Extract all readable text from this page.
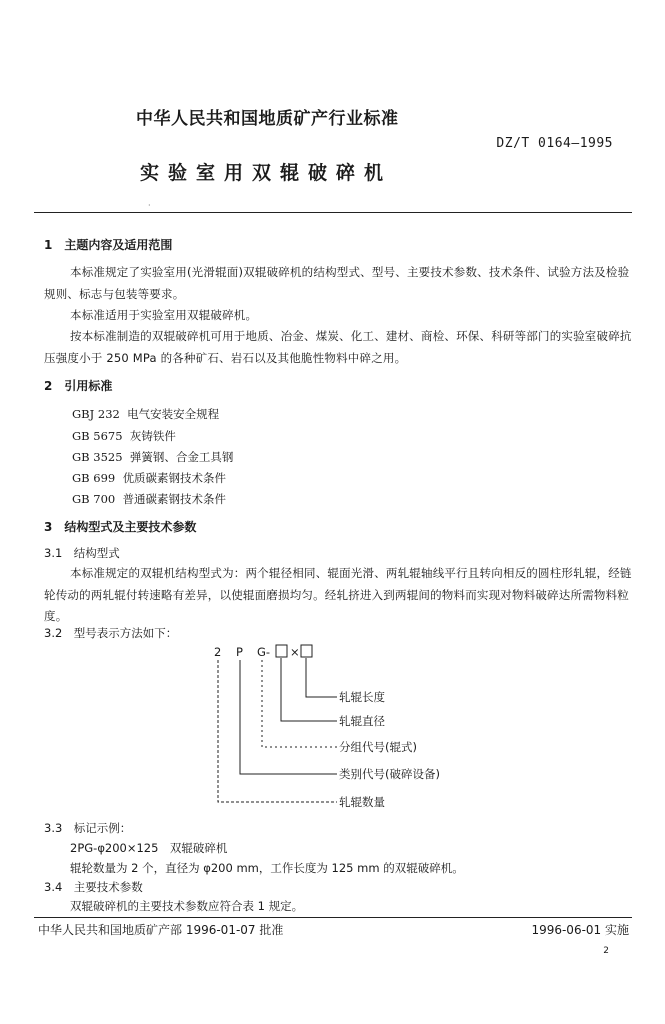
中华人民共和国地质矿产行业标准
DZ/T 0164—1995
实验室用双辊破碎机
·
1　主题内容及适用范围
本标准规定了实验室用(光滑辊面)双辊破碎机的结构型式、型号、主要技术参数、技术条件、试验方法及检验规则、标志与包装等要求。
本标准适用于实验室用双辊破碎机。
按本标准制造的双辊破碎机可用于地质、冶金、煤炭、化工、建材、商检、环保、科研等部门的实验室破碎抗压强度小于 250 MPa 的各种矿石、岩石以及其他脆性物料中碎之用。
2　引用标准
GBJ 232 电气安装安全规程
GB 5675 灰铸铁件
GB 3525 弹簧钢、合金工具钢
GB 699 优质碳素钢技术条件
GB 700 普通碳素钢技术条件
3　结构型式及主要技术参数
3.1　结构型式
本标准规定的双辊机结构型式为：两个辊径相同、辊面光滑、两轧辊轴线平行且转向相反的圆柱形轧辊，经链轮传动的两轧辊付转速略有差异，以使辊面磨损均匀。经轧挤进入到两辊间的物料而实现对物料破碎达所需物料粒度。
3.2　型号表示方法如下：
2 P G- ×
轧辊长度
轧辊直径
分组代号(辊式)
类别代号(破碎设备)
轧辊数量
3.3　标记示例：
2PG-φ200×125　双辊破碎机
辊轮数量为 2 个，直径为 φ200 mm，工作长度为 125 mm 的双辊破碎机。
3.4　主要技术参数
双辊破碎机的主要技术参数应符合表 1 规定。
中华人民共和国地质矿产部 1996-01-07 批准	1996-06-01 实施
2
